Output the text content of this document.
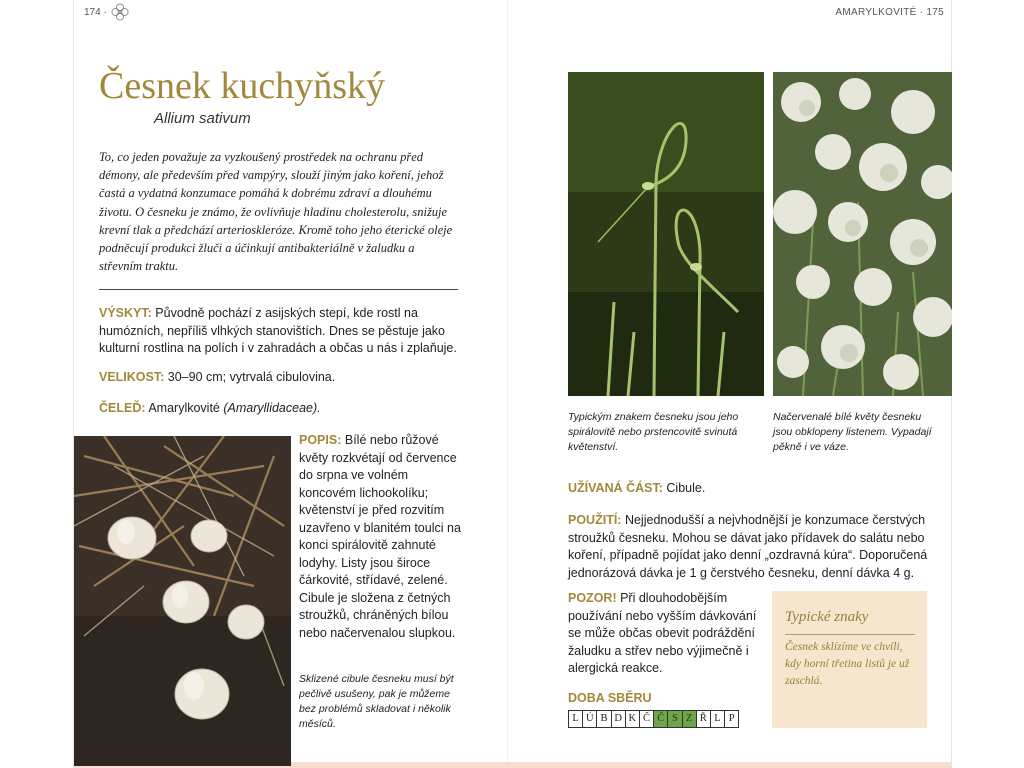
174 ·	AMARYLKOVITÉ · 175
Česnek kuchyňský
Allium sativum

To, co jeden považuje za vyzkoušený prostředek na ochranu před démony, ale především před vampýry, slouží jiným jako koření, jehož častá a vydatná konzumace pomáhá k dobrému zdraví a dlouhému životu. O česneku je známo, že ovlivňuje hladinu cholesterolu, snižuje krevní tlak a předchází arterioskleróze. Kromě toho jeho éterické oleje podněcují produkci žluči a účinkují antibakteriálně v žaludku a střevním traktu.

VÝSKYT: Původně pochází z asijských stepí, kde rostl na humózních, nepříliš vlhkých stanovištích. Dnes se pěstuje jako kulturní rostlina na polích i v zahradách a občas u nás i zplaňuje.

VELIKOST: 30–90 cm; vytrvalá cibulovina.

ČELEĎ: Amarylkovité (Amaryllidaceae).

POPIS: Bílé nebo růžové květy rozkvétají od července do srpna ve volném koncovém lichookolíku; květenství je před rozvitím uzavřeno v blanitém toulci na konci spirálovitě zahnuté lodyhy. Listy jsou široce čárkovité, střídavé, zelené. Cibule je složena z četných stroužků, chráněných bílou nebo načervenalou slupkou.

Sklizené cibule česneku musí být pečlivě usušeny, pak je můžeme bez problémů skladovat i několik měsíců.

Typickým znakem česneku jsou jeho spirálovitě nebo prstencovitě svinutá květenství.

Načervenalé bílé květy česneku jsou obklopeny listenem. Vypadají pěkně i ve váze.

UŽÍVANÁ ČÁST: Cibule.

POUŽITÍ: Nejjednodušší a nejvhodnější je konzumace čerstvých stroužků česneku. Mohou se dávat jako přídavek do salátu nebo koření, případně pojídat jako denní „ozdravná kúra“. Doporučená jednorázová dávka je 1 g čerstvého česneku, denní dávka 4 g.

POZOR! Při dlouhodobějším používání nebo vyšším dávkování se může občas obevit podráždění žaludku a střev nebo výjimečně i alergická reakce.

Typické znaky

Česnek sklízíme ve chvíli, kdy horní třetina listů je už zaschlá.

DOBA SBĚRU
L Ú B D K Č Č S Z Ř L P
